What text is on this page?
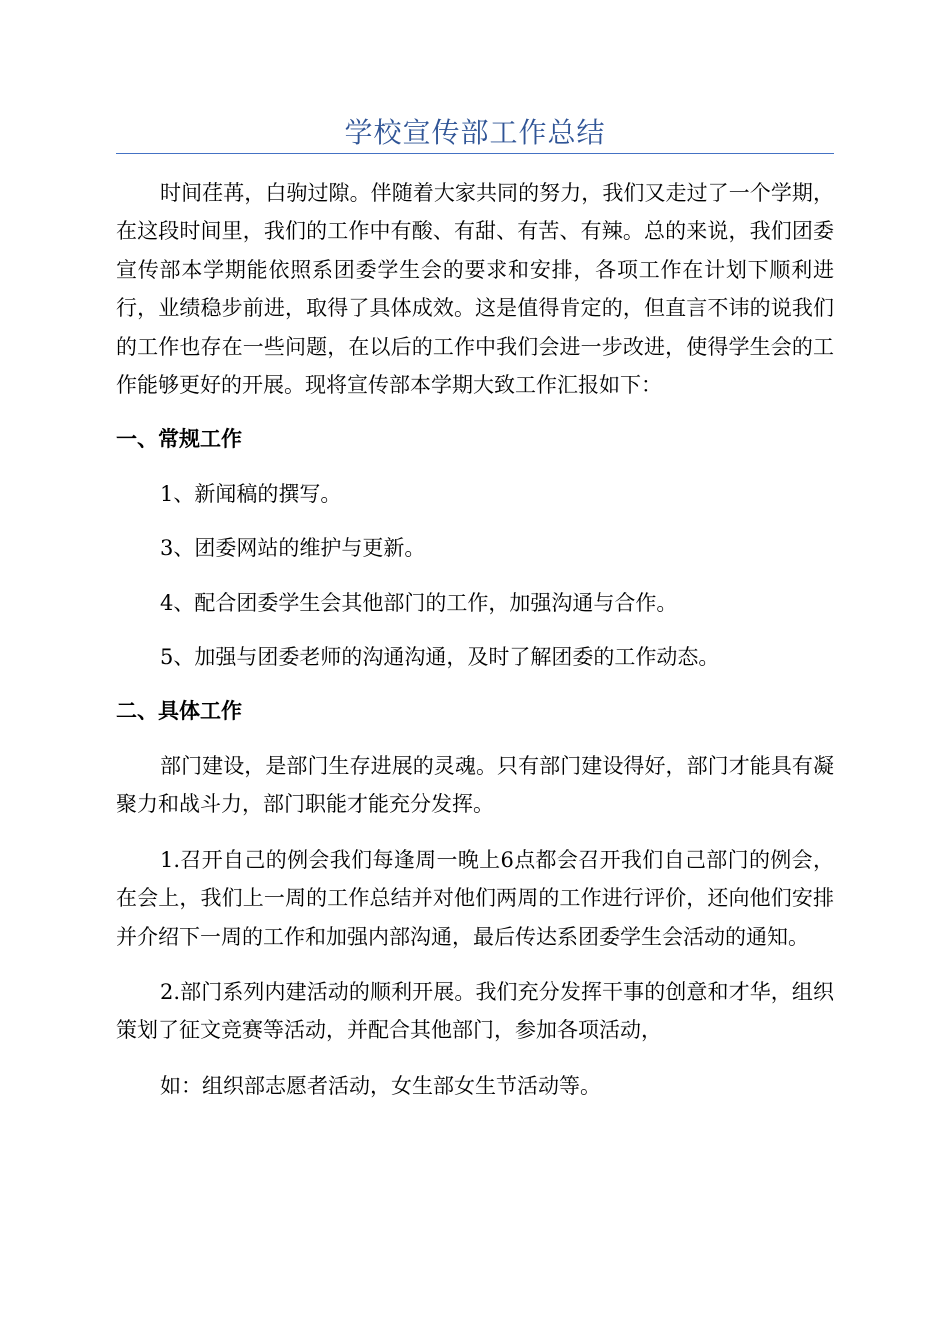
学校宣传部工作总结

时间荏苒，白驹过隙。伴随着大家共同的努力，我们又走过了一个学期，在这段时间里，我们的工作中有酸、有甜、有苦、有辣。总的来说，我们团委宣传部本学期能依照系团委学生会的要求和安排，各项工作在计划下顺利进行，业绩稳步前进，取得了具体成效。这是值得肯定的，但直言不讳的说我们的工作也存在一些问题，在以后的工作中我们会进一步改进，使得学生会的工作能够更好的开展。现将宣传部本学期大致工作汇报如下：

一、常规工作

1、新闻稿的撰写。

3、团委网站的维护与更新。

4、配合团委学生会其他部门的工作，加强沟通与合作。

5、加强与团委老师的沟通沟通，及时了解团委的工作动态。

二、具体工作

部门建设，是部门生存进展的灵魂。只有部门建设得好，部门才能具有凝聚力和战斗力，部门职能才能充分发挥。

1.召开自己的例会我们每逢周一晚上6点都会召开我们自己部门的例会，在会上，我们上一周的工作总结并对他们两周的工作进行评价，还向他们安排并介绍下一周的工作和加强内部沟通，最后传达系团委学生会活动的通知。

2.部门系列内建活动的顺利开展。我们充分发挥干事的创意和才华，组织策划了征文竞赛等活动，并配合其他部门，参加各项活动，

如：组织部志愿者活动，女生部女生节活动等。
